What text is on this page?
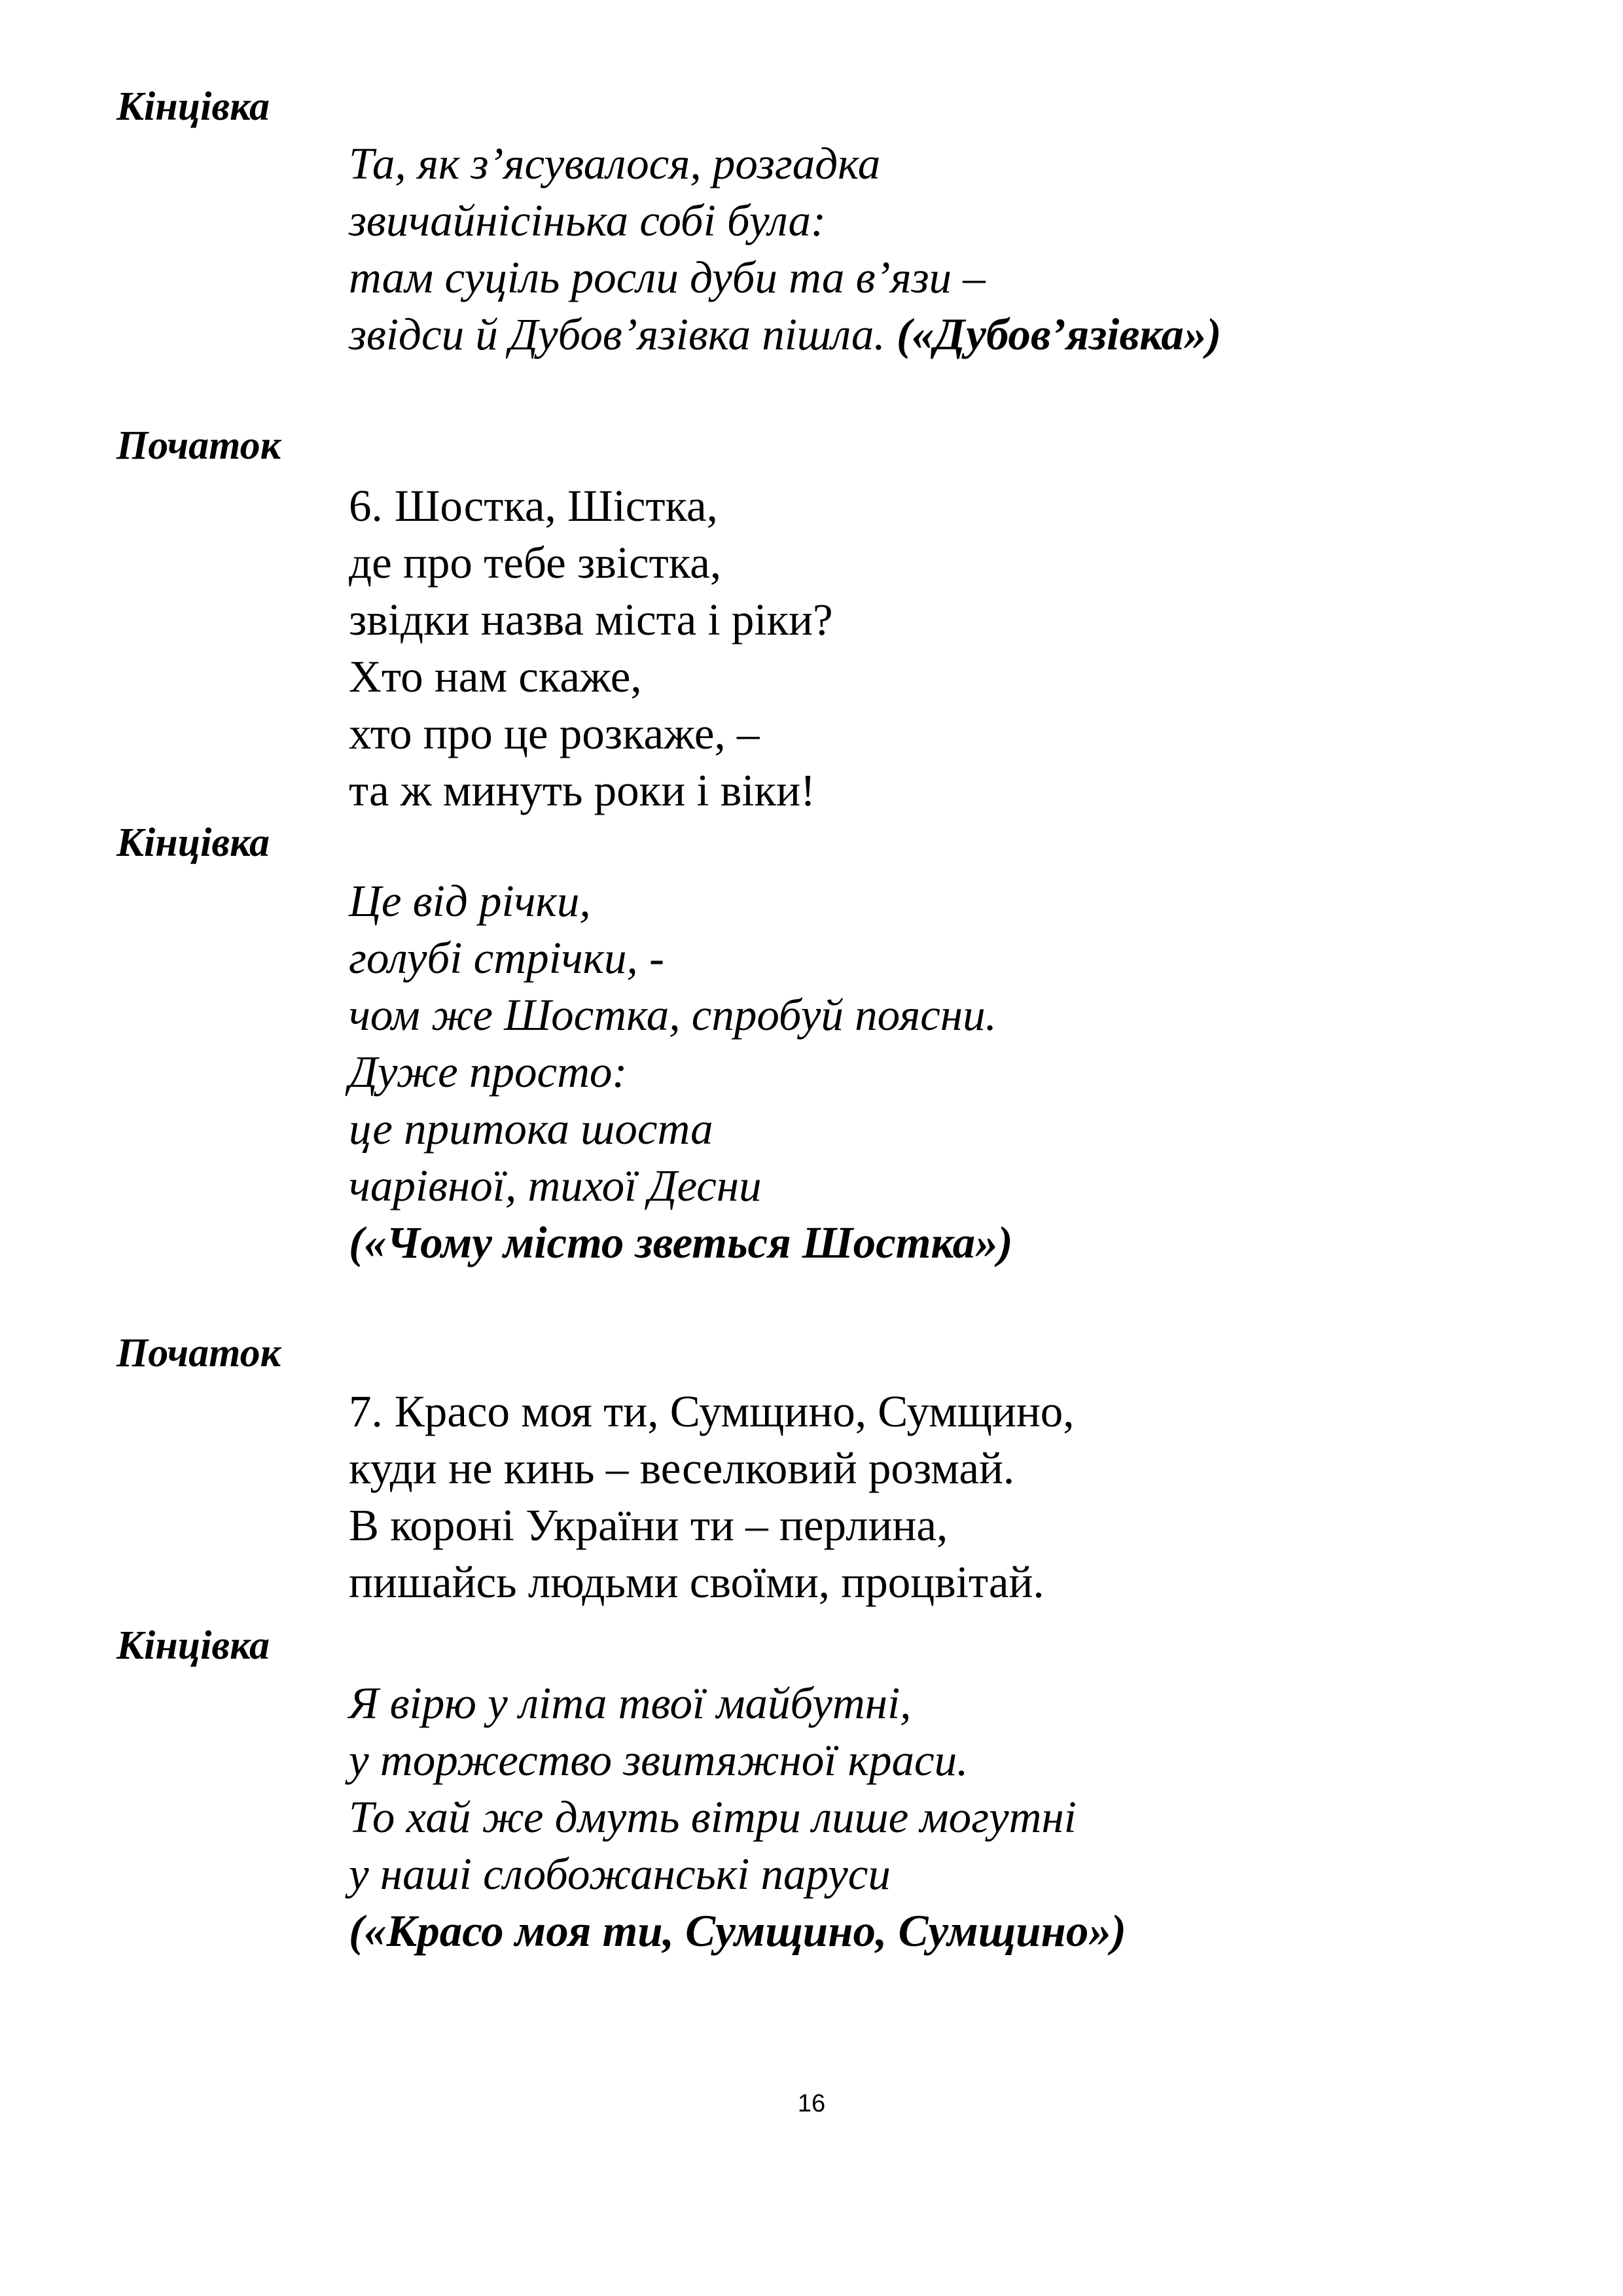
Кінцівка
Та, як з’ясувалося, розгадка
звичайнісінька собі була:
там суціль росли дуби та в’язи –
звідси й Дубов’язівка пішла. («Дубов’язівка»)
Початок
6. Шостка, Шістка,
де про тебе звістка,
звідки назва міста і ріки?
Хто нам скаже,
хто про це розкаже, –
та ж минуть роки і віки!
Кінцівка
Це від річки,
голубі стрічки, -
чом же Шостка, спробуй поясни.
Дуже просто:
це притока шоста
чарівної, тихої Десни
(«Чому місто зветься Шостка»)
Початок
7. Красо моя ти, Сумщино, Сумщино,
куди не кинь – веселковий розмай.
В короні України ти – перлина,
пишайсь людьми своїми, процвітай.
Кінцівка
Я вірю у літа твої майбутні,
у торжество звитяжної краси.
То хай же дмуть вітри лише могутні
у наші слобожанські паруси
(«Красо моя ти, Сумщино, Сумщино»)
16
